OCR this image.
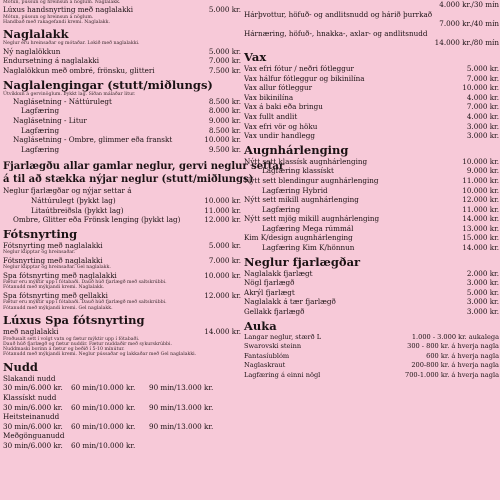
Mótun, pússun og hreinsun á nöglum. Naglalakk.
Lúxus handsnyrting með naglalakki	5.000 kr.
Mótun, pússun og hreinsun á nöglum.
Handbað með rakagefandi kremi. Naglalakk.
Naglalakk
Neglur eru hreinsaðar og mótaðar. Lokið með naglalakki.
Ný naglalökkun	5.000 kr.
Endursetning á naglalakki	7.000 kr.
Naglalökkun með ombré, frönsku, glitteri	7.500 kr.
Naglalengingar (stutt/miðlungs)
Útvíkkun á gervinöglum. Þykkt lag. Síðan málaðar litur.
Naglásetning - Náttúrulegt	8.500 kr.
Lagfæring	8.000 kr.
Naglásetning - Litur	9.000 kr.
Lagfæring	8.500 kr.
Naglásetning - Ombre, glimmer eða franskt	10.000 kr.
Lagfæring	9.500 kr.
Fjarlægðu allar gamlar neglur, gervi neglur settar
á til að stækka nýjar neglur (stutt/miðlungs)
Neglur fjarlægðar og nýjar settar á
Náttúrulegt (þykkt lag)	10.000 kr.
Litaútbreiðsla (þykkt lag)	11.000 kr.
Ombre, Glitter eða Frönsk lenging (þykkt lag)	12.000 kr.
Fótsnyrting
Fótsnyrting með naglalakki	5.000 kr.
Neglur klipptar og hreinsaðar.
Fótsnyrting með naglalakki	7.000 kr.
Neglur klipptar og hreinsaðar. Gel naglalakk.
Spa fótsnyrting með naglalakki	10.000 kr.
Fætur eru mýktir upp í fótabaði. Dauð húð fjarlægð með saltskrúbbi.
Fótanudd með mýkjandi kremi. Naglalakk.
Spa fótsnyrting með gellakki	12.000 kr.
Fætur eru mýktir upp í fótabaði. Dauð húð fjarlægð með saltskrúbbi.
Fótanudd með mýkjandi kremi. Gel naglalakk.
Lúxus Spa fótsnyrting
með naglalakki	14.000 kr.
Froðusalt sett í volgt vatn og fætur mýktir upp í fótabaði.
Dauð húð fjarlægð og fætur nuddir. Fætur nuddaðir með sykurskrúbbi.
Nuddmaski borinn á fætur og beðið í 5-10 mínútur.
Fótanudd með mýkjandi kremi. Neglur pússaðar og lakkaðar með Gel naglalakki.
Nudd
Slakandi nudd
30 min/6.000 kr.	60 min/10.000 kr.	90 min/13.000 kr.
Klassískt nudd
30 min/6.000 kr.	60 min/10.000 kr.	90 min/13.000 kr.
Heitsteinanudd
30 min/6.000 kr.	60 min/10.000 kr.	90 min/13.000 kr.
Meðgönguanudd
30 min/6.000 kr.	60 min/10.000 kr.
4.000 kr./30 mín
Hárþvottur, höfuð- og andlitsnudd og hárið þurrkað
7.000 kr./40 mín
Hárnæring, höfuð-, hnakka-, axlar- og andlitsnudd
14.000 kr./80 mín
Vax
Vax efri fótur / neðri fótleggur	5.000 kr.
Vax hálfur fótleggur og bikinilína	7.000 kr.
Vax allur fótleggur	10.000 kr.
Vax bikinilína	4.000 kr.
Vax á baki eða bringu	7.000 kr.
Vax fullt andlit	4.000 kr.
Vax efri vör og höku	3.000 kr.
Vax undir handlegg	3.000 kr.
Augnhárlenging
Nýtt sett klassísk augnhárlenging	10.000 kr.
Lagfæring klassískt	9.000 kr.
Nýtt sett blendingur augnhárlenging	11.000 kr.
Lagfæring Hybrid	10.000 kr.
Nýtt sett mikill augnhárlenging	12.000 kr.
Lagfæring	11.000 kr.
Nýtt sett mjög mikill augnhárlenging	14.000 kr.
Lagfæring Mega rúmmál	13.000 kr.
Kim K/design augnhárlenging	15.000 kr.
Lagfæring Kim K/hönnun	14.000 kr.
Neglur fjarlægðar
Naglalakk fjarlægt	2.000 kr.
Nögl fjarlægð	3.000 kr.
Akrýl fjarlægt	5.000 kr.
Naglalakk á tær fjarlægð	3.000 kr.
Gellakk fjarlægð	3.000 kr.
Auka
Langar neglur, stærð L	1.000 - 3.000 kr. aukalega
Swarovski steinn	300 - 800 kr. á hverja nagla
Fantasíublóm	600 kr. á hverja nagla
Naglaskraut	200-800 kr. á hverja nagla
Lagfæring á einni nögl	700-1.000 kr. á hverja nagla
